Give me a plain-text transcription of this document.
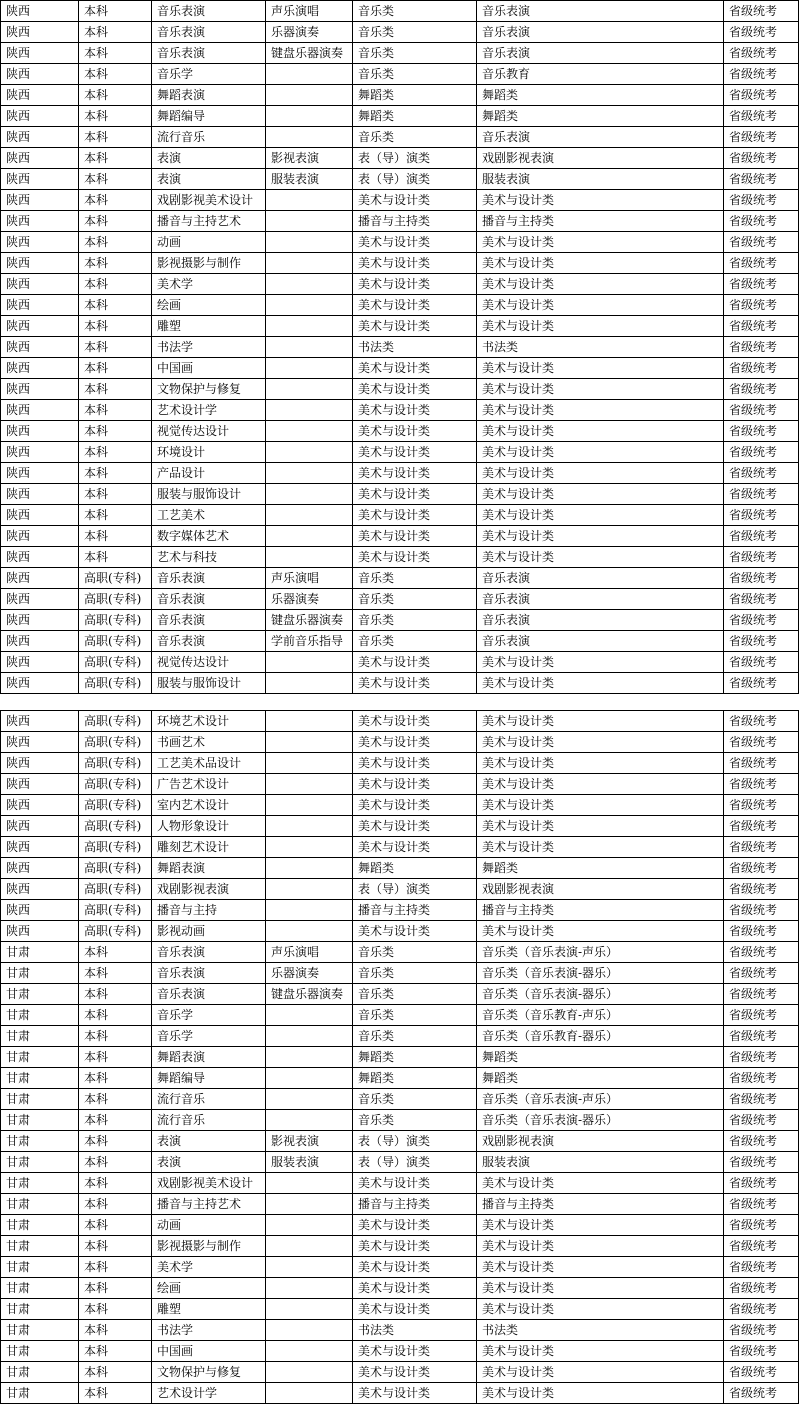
陕西	本科	音乐表演	声乐演唱	音乐类	音乐表演	省级统考
陕西	本科	音乐表演	乐器演奏	音乐类	音乐表演	省级统考
陕西	本科	音乐表演	键盘乐器演奏	音乐类	音乐表演	省级统考
陕西	本科	音乐学		音乐类	音乐教育	省级统考
陕西	本科	舞蹈表演		舞蹈类	舞蹈类	省级统考
陕西	本科	舞蹈编导		舞蹈类	舞蹈类	省级统考
陕西	本科	流行音乐		音乐类	音乐表演	省级统考
陕西	本科	表演	影视表演	表（导）演类	戏剧影视表演	省级统考
陕西	本科	表演	服装表演	表（导）演类	服装表演	省级统考
陕西	本科	戏剧影视美术设计		美术与设计类	美术与设计类	省级统考
陕西	本科	播音与主持艺术		播音与主持类	播音与主持类	省级统考
陕西	本科	动画		美术与设计类	美术与设计类	省级统考
陕西	本科	影视摄影与制作		美术与设计类	美术与设计类	省级统考
陕西	本科	美术学		美术与设计类	美术与设计类	省级统考
陕西	本科	绘画		美术与设计类	美术与设计类	省级统考
陕西	本科	雕塑		美术与设计类	美术与设计类	省级统考
陕西	本科	书法学		书法类	书法类	省级统考
陕西	本科	中国画		美术与设计类	美术与设计类	省级统考
陕西	本科	文物保护与修复		美术与设计类	美术与设计类	省级统考
陕西	本科	艺术设计学		美术与设计类	美术与设计类	省级统考
陕西	本科	视觉传达设计		美术与设计类	美术与设计类	省级统考
陕西	本科	环境设计		美术与设计类	美术与设计类	省级统考
陕西	本科	产品设计		美术与设计类	美术与设计类	省级统考
陕西	本科	服装与服饰设计		美术与设计类	美术与设计类	省级统考
陕西	本科	工艺美术		美术与设计类	美术与设计类	省级统考
陕西	本科	数字媒体艺术		美术与设计类	美术与设计类	省级统考
陕西	本科	艺术与科技		美术与设计类	美术与设计类	省级统考
陕西	高职(专科)	音乐表演	声乐演唱	音乐类	音乐表演	省级统考
陕西	高职(专科)	音乐表演	乐器演奏	音乐类	音乐表演	省级统考
陕西	高职(专科)	音乐表演	键盘乐器演奏	音乐类	音乐表演	省级统考
陕西	高职(专科)	音乐表演	学前音乐指导	音乐类	音乐表演	省级统考
陕西	高职(专科)	视觉传达设计		美术与设计类	美术与设计类	省级统考
陕西	高职(专科)	服装与服饰设计		美术与设计类	美术与设计类	省级统考
陕西	高职(专科)	环境艺术设计		美术与设计类	美术与设计类	省级统考
陕西	高职(专科)	书画艺术		美术与设计类	美术与设计类	省级统考
陕西	高职(专科)	工艺美术品设计		美术与设计类	美术与设计类	省级统考
陕西	高职(专科)	广告艺术设计		美术与设计类	美术与设计类	省级统考
陕西	高职(专科)	室内艺术设计		美术与设计类	美术与设计类	省级统考
陕西	高职(专科)	人物形象设计		美术与设计类	美术与设计类	省级统考
陕西	高职(专科)	雕刻艺术设计		美术与设计类	美术与设计类	省级统考
陕西	高职(专科)	舞蹈表演		舞蹈类	舞蹈类	省级统考
陕西	高职(专科)	戏剧影视表演		表（导）演类	戏剧影视表演	省级统考
陕西	高职(专科)	播音与主持		播音与主持类	播音与主持类	省级统考
陕西	高职(专科)	影视动画		美术与设计类	美术与设计类	省级统考
甘肃	本科	音乐表演	声乐演唱	音乐类	音乐类（音乐表演-声乐）	省级统考
甘肃	本科	音乐表演	乐器演奏	音乐类	音乐类（音乐表演-器乐）	省级统考
甘肃	本科	音乐表演	键盘乐器演奏	音乐类	音乐类（音乐表演-器乐）	省级统考
甘肃	本科	音乐学		音乐类	音乐类（音乐教育-声乐）	省级统考
甘肃	本科	音乐学		音乐类	音乐类（音乐教育-器乐）	省级统考
甘肃	本科	舞蹈表演		舞蹈类	舞蹈类	省级统考
甘肃	本科	舞蹈编导		舞蹈类	舞蹈类	省级统考
甘肃	本科	流行音乐		音乐类	音乐类（音乐表演-声乐）	省级统考
甘肃	本科	流行音乐		音乐类	音乐类（音乐表演-器乐）	省级统考
甘肃	本科	表演	影视表演	表（导）演类	戏剧影视表演	省级统考
甘肃	本科	表演	服装表演	表（导）演类	服装表演	省级统考
甘肃	本科	戏剧影视美术设计		美术与设计类	美术与设计类	省级统考
甘肃	本科	播音与主持艺术		播音与主持类	播音与主持类	省级统考
甘肃	本科	动画		美术与设计类	美术与设计类	省级统考
甘肃	本科	影视摄影与制作		美术与设计类	美术与设计类	省级统考
甘肃	本科	美术学		美术与设计类	美术与设计类	省级统考
甘肃	本科	绘画		美术与设计类	美术与设计类	省级统考
甘肃	本科	雕塑		美术与设计类	美术与设计类	省级统考
甘肃	本科	书法学		书法类	书法类	省级统考
甘肃	本科	中国画		美术与设计类	美术与设计类	省级统考
甘肃	本科	文物保护与修复		美术与设计类	美术与设计类	省级统考
甘肃	本科	艺术设计学		美术与设计类	美术与设计类	省级统考
